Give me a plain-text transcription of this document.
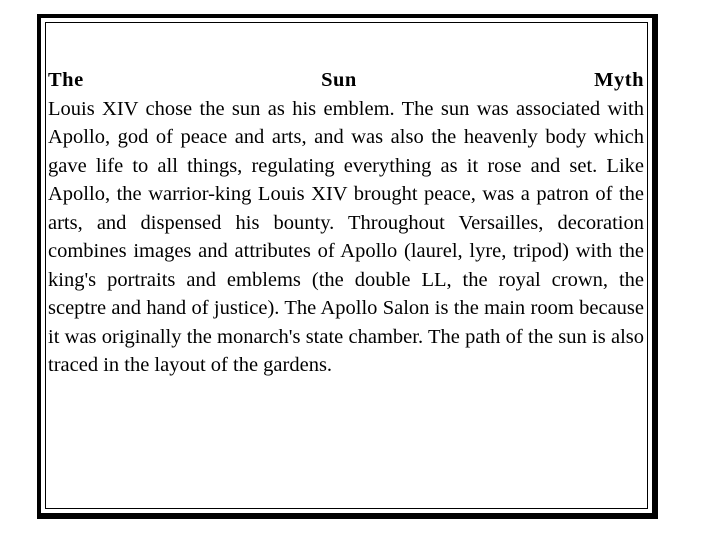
The	Sun	Myth

Louis XIV chose the sun as his emblem. The sun was associated with Apollo, god of peace and arts, and was also the heavenly body which gave life to all things, regulating everything as it rose and set. Like Apollo, the warrior-king Louis XIV brought peace, was a patron of the arts, and dispensed his bounty. Throughout Versailles, decoration combines images and attributes of Apollo (laurel, lyre, tripod) with the king's portraits and emblems (the double LL, the royal crown, the sceptre and hand of justice). The Apollo Salon is the main room because it was originally the monarch's state chamber. The path of the sun is also traced in the layout of the gardens.
